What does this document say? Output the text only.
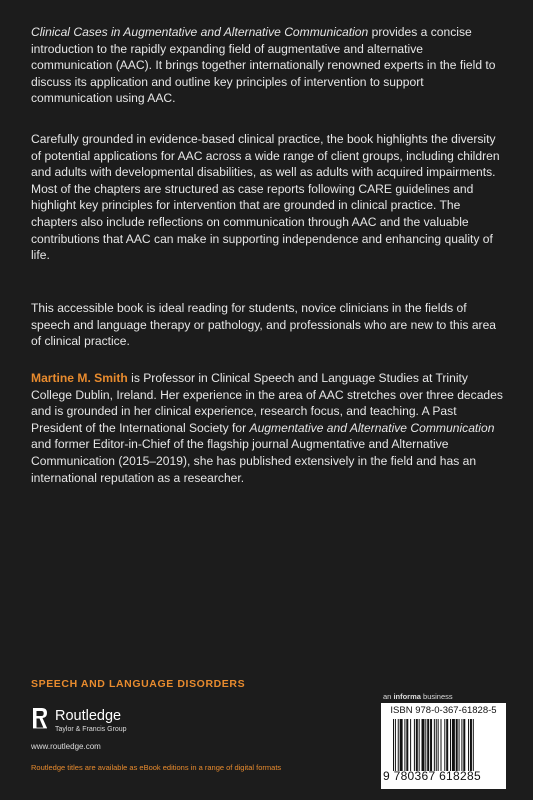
Clinical Cases in Augmentative and Alternative Communication provides a concise introduction to the rapidly expanding field of augmentative and alternative communication (AAC). It brings together internationally renowned experts in the field to discuss its application and outline key principles of intervention to support communication using AAC.

Carefully grounded in evidence-based clinical practice, the book highlights the diversity of potential applications for AAC across a wide range of client groups, including children and adults with developmental disabilities, as well as adults with acquired impairments. Most of the chapters are structured as case reports following CARE guidelines and highlight key principles for intervention that are grounded in clinical practice. The chapters also include reflections on communication through AAC and the valuable contributions that AAC can make in supporting independence and enhancing quality of life.

This accessible book is ideal reading for students, novice clinicians in the fields of speech and language therapy or pathology, and professionals who are new to this area of clinical practice.

Martine M. Smith is Professor in Clinical Speech and Language Studies at Trinity College Dublin, Ireland. Her experience in the area of AAC stretches over three decades and is grounded in her clinical experience, research focus, and teaching. A Past President of the International Society for Augmentative and Alternative Communication and former Editor-in-Chief of the flagship journal Augmentative and Alternative Communication (2015–2019), she has published extensively in the field and has an international reputation as a researcher.

SPEECH AND LANGUAGE DISORDERS
an informa business
Routledge
Taylor & Francis Group
www.routledge.com
Routledge titles are available as eBook editions in a range of digital formats
ISBN 978-0-367-61828-5
9 780367 618285
